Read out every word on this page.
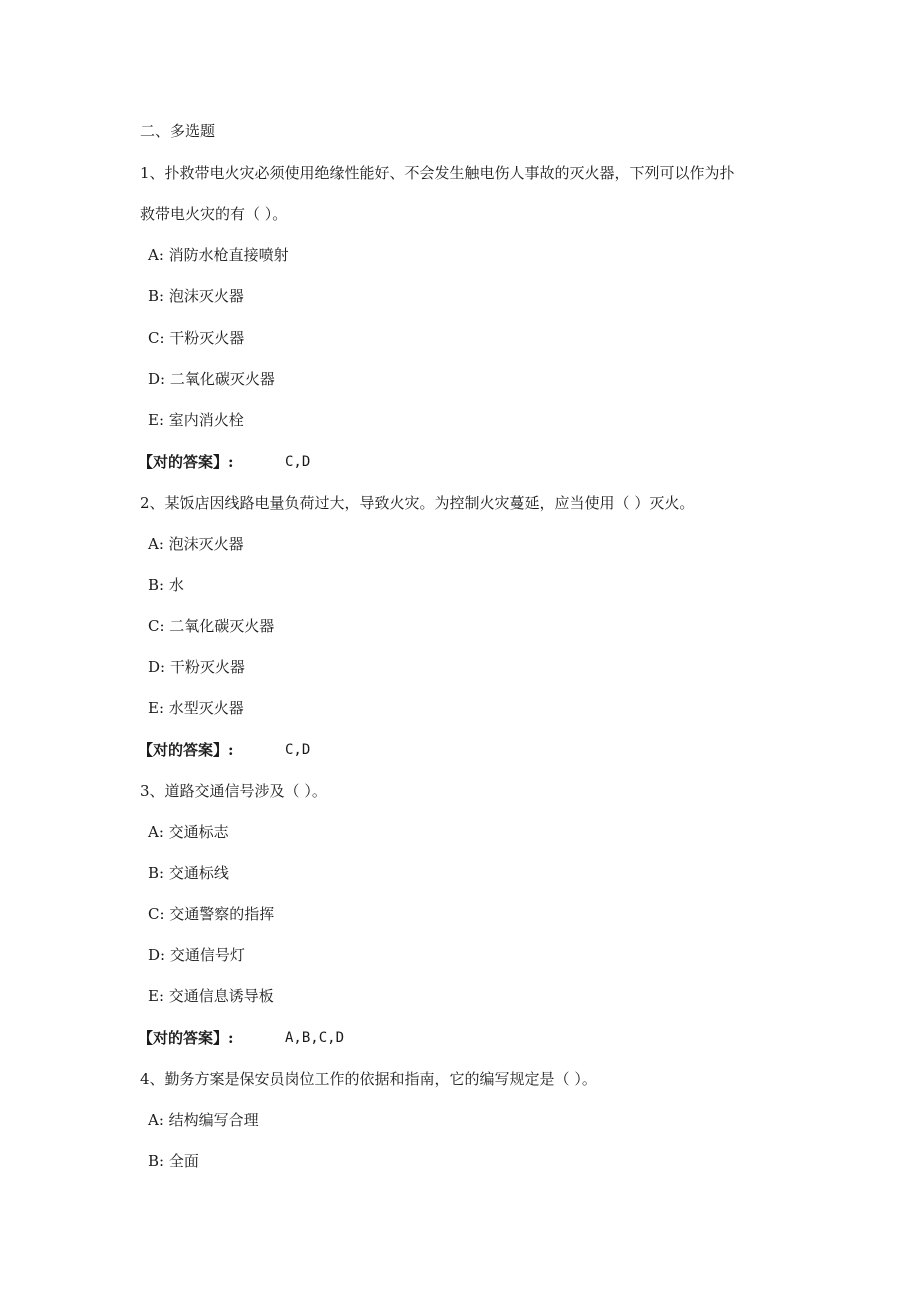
二、多选题
1、扑救带电火灾必须使用绝缘性能好、不会发生触电伤人事故的灭火器，下列可以作为扑
救带电火灾的有（ ）。
A: 消防水枪直接喷射
B: 泡沫灭火器
C: 干粉灭火器
D: 二氧化碳灭火器
E: 室内消火栓
【对的答案】:	C,D
2、某饭店因线路电量负荷过大，导致火灾。为控制火灾蔓延，应当使用（ ）灭火。
A: 泡沫灭火器
B: 水
C: 二氧化碳灭火器
D: 干粉灭火器
E: 水型灭火器
【对的答案】:	C,D
3、道路交通信号涉及（ ）。
A: 交通标志
B: 交通标线
C: 交通警察的指挥
D: 交通信号灯
E: 交通信息诱导板
【对的答案】:	A,B,C,D
4、勤务方案是保安员岗位工作的依据和指南，它的编写规定是（ ）。
A: 结构编写合理
B: 全面
